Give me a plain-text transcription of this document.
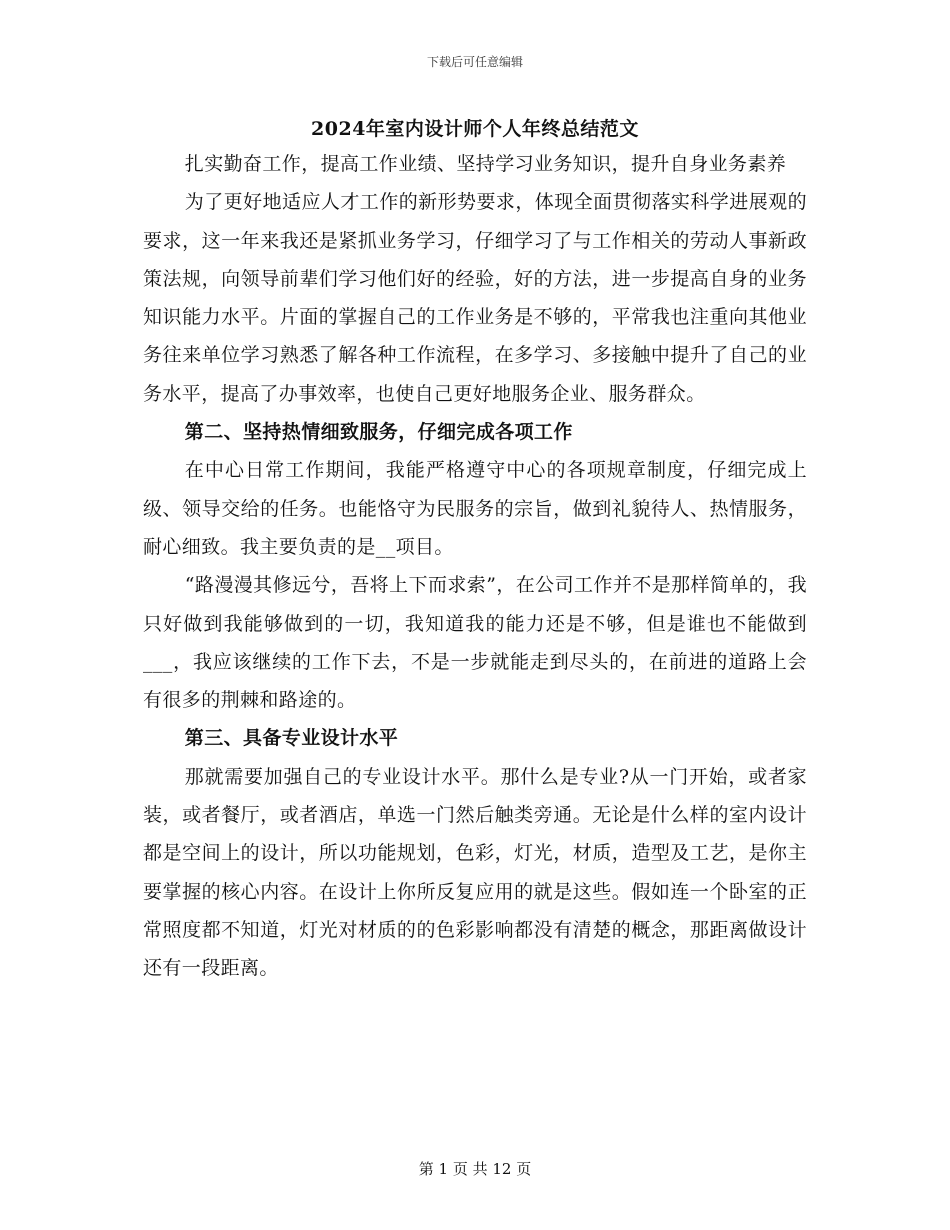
下载后可任意编辑
2024年室内设计师个人年终总结范文

扎实勤奋工作，提高工作业绩、坚持学习业务知识，提升自身业务素养

为了更好地适应人才工作的新形势要求，体现全面贯彻落实科学进展观的要求，这一年来我还是紧抓业务学习，仔细学习了与工作相关的劳动人事新政策法规，向领导前辈们学习他们好的经验，好的方法，进一步提高自身的业务知识能力水平。片面的掌握自己的工作业务是不够的，平常我也注重向其他业务往来单位学习熟悉了解各种工作流程，在多学习、多接触中提升了自己的业务水平，提高了办事效率，也使自己更好地服务企业、服务群众。

第二、坚持热情细致服务，仔细完成各项工作

在中心日常工作期间，我能严格遵守中心的各项规章制度，仔细完成上级、领导交给的任务。也能恪守为民服务的宗旨，做到礼貌待人、热情服务，耐心细致。我主要负责的是__项目。

“路漫漫其修远兮，吾将上下而求索”，在公司工作并不是那样简单的，我只好做到我能够做到的一切，我知道我的能力还是不够，但是谁也不能做到___，我应该继续的工作下去，不是一步就能走到尽头的，在前进的道路上会有很多的荆棘和路途的。

第三、具备专业设计水平

那就需要加强自己的专业设计水平。那什么是专业?从一门开始，或者家装，或者餐厅，或者酒店，单选一门然后触类旁通。无论是什么样的室内设计都是空间上的设计，所以功能规划，色彩，灯光，材质，造型及工艺，是你主要掌握的核心内容。在设计上你所反复应用的就是这些。假如连一个卧室的正常照度都不知道，灯光对材质的的色彩影响都没有清楚的概念，那距离做设计还有一段距离。

第 1 页 共 12 页
